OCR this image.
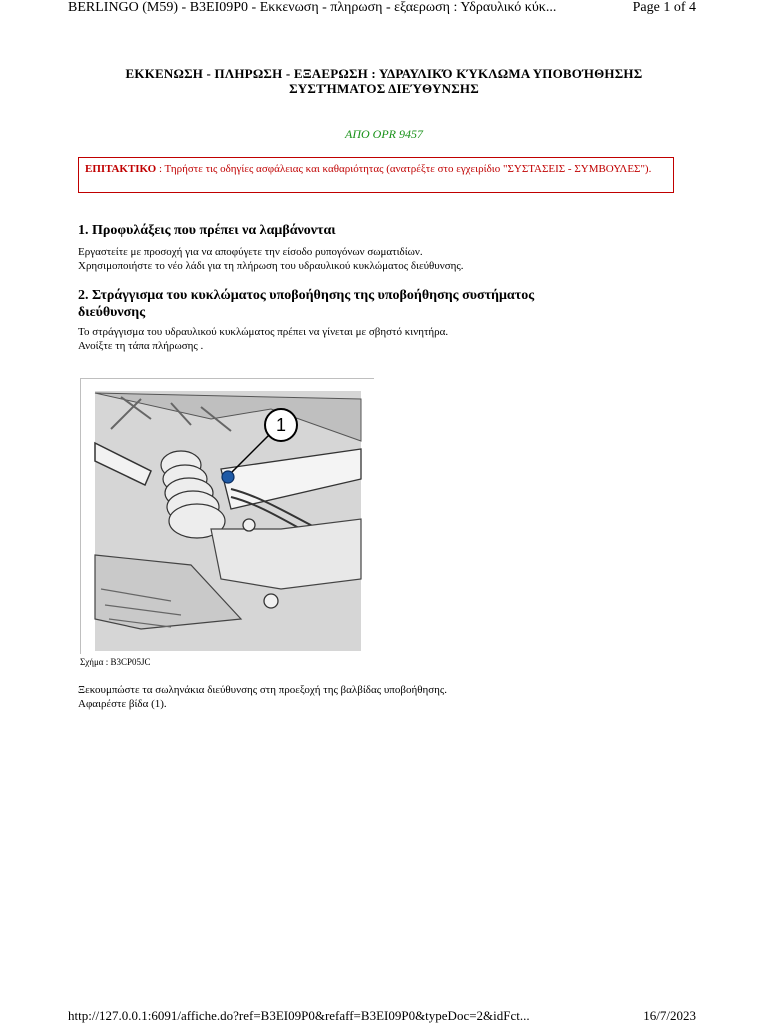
BERLINGO (M59) - B3EI09P0 - Εκκενωση - πληρωση - εξαερωση : Υδραυλικό κύκ...	Page 1 of 4
ΕΚΚΕΝΩΣΗ - ΠΛΗΡΩΣΗ - ΕΞΑΕΡΩΣΗ : ΥΔΡΑΥΛΙΚΌ ΚΎΚΛΩΜΑ ΥΠΟΒΟΉΘΗΣΗΣ
ΣΥΣΤΉΜΑΤΟΣ ΔΙΕΎΘΥΝΣΗΣ
ΑΠΟ OPR 9457
ΕΠΙΤΑΚΤΙΚΟ : Τηρήστε τις οδηγίες ασφάλειας και καθαριότητας (ανατρέξτε στο εγχειρίδιο "ΣΥΣΤΑΣΕΙΣ - ΣΥΜΒΟΥΛΕΣ").
1. Προφυλάξεις που πρέπει να λαμβάνονται
Εργαστείτε με προσοχή για να αποφύγετε την είσοδο ρυπογόνων σωματιδίων.
Χρησιμοποιήστε το νέο λάδι για τη πλήρωση του υδραυλικού κυκλώματος διεύθυνσης.
2. Στράγγισμα του κυκλώματος υποβοήθησης της υποβοήθησης συστήματος
διεύθυνσης
Το στράγγισμα του υδραυλικού κυκλώματος πρέπει να γίνεται με σβηστό κινητήρα.
Ανοίξτε τη τάπα πλήρωσης .
1
Σχήμα : B3CP05JC
Ξεκουμπώστε τα σωληνάκια διεύθυνσης στη προεξοχή της βαλβίδας υποβοήθησης.
Αφαιρέστε βίδα (1).
http://127.0.0.1:6091/affiche.do?ref=B3EI09P0&refaff=B3EI09P0&typeDoc=2&idFct...	16/7/2023
